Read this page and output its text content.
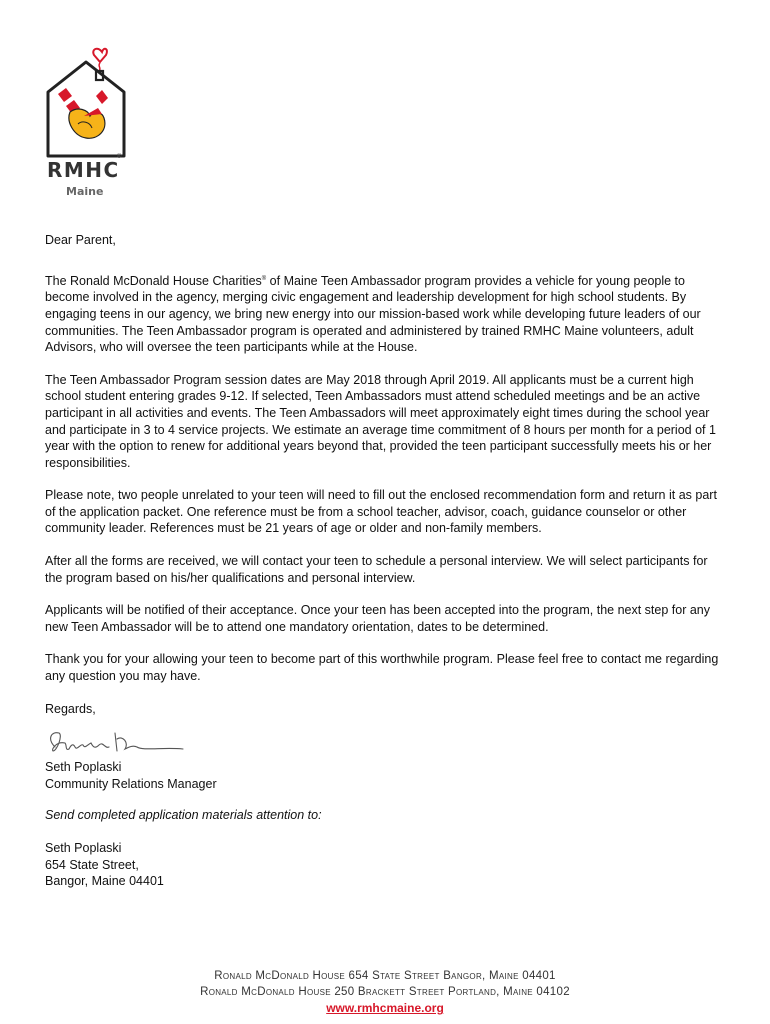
®
RMHC
Maine

Dear Parent,

The Ronald McDonald House Charities® of Maine Teen Ambassador program provides a vehicle for young people to become involved in the agency, merging civic engagement and leadership development for high school students. By engaging teens in our agency, we bring new energy into our mission-based work while developing future leaders of our communities. The Teen Ambassador program is operated and administered by trained RMHC Maine volunteers, adult Advisors, who will oversee the teen participants while at the House.

The Teen Ambassador Program session dates are May 2018 through April 2019. All applicants must be a current high school student entering grades 9-12. If selected, Teen Ambassadors must attend scheduled meetings and be an active participant in all activities and events. The Teen Ambassadors will meet approximately eight times during the school year and participate in 3 to 4 service projects. We estimate an average time commitment of 8 hours per month for a period of 1 year with the option to renew for additional years beyond that, provided the teen participant successfully meets his or her responsibilities.

Please note, two people unrelated to your teen will need to fill out the enclosed recommendation form and return it as part of the application packet. One reference must be from a school teacher, advisor, coach, guidance counselor or other community leader. References must be 21 years of age or older and non-family members.

After all the forms are received, we will contact your teen to schedule a personal interview. We will select participants for the program based on his/her qualifications and personal interview.

Applicants will be notified of their acceptance. Once your teen has been accepted into the program, the next step for any new Teen Ambassador will be to attend one mandatory orientation, dates to be determined.

Thank you for your allowing your teen to become part of this worthwhile program. Please feel free to contact me regarding any question you may have.

Regards,

Seth Poplaski
Community Relations Manager
Send completed application materials attention to:
Seth Poplaski
654 State Street,
Bangor, Maine 04401
Ronald McDonald House 654 State Street Bangor, Maine 04401
Ronald McDonald House 250 Brackett Street Portland, Maine 04102
www.rmhcmaine.org
